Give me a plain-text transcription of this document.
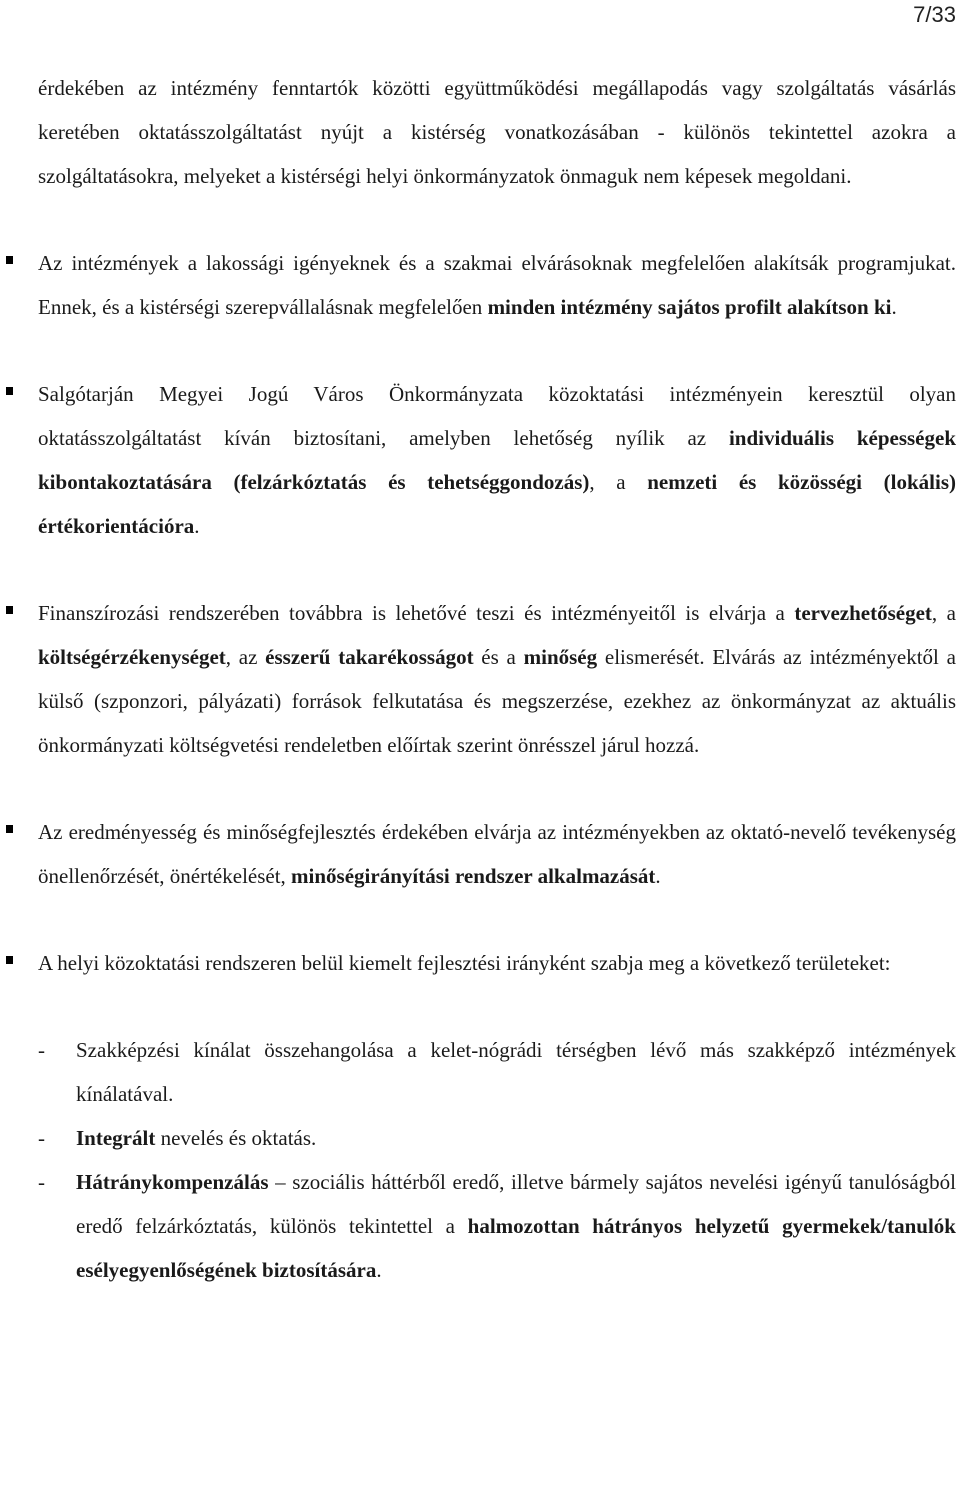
7/33

érdekében az intézmény fenntartók közötti együttműködési megállapodás vagy szolgáltatás vásárlás keretében oktatásszolgáltatást nyújt a kistérség vonatkozásában - különös tekintettel azokra a szolgáltatásokra, melyeket a kistérségi helyi önkormányzatok önmaguk nem képesek megoldani.

Az intézmények a lakossági igényeknek és a szakmai elvárásoknak megfelelően alakítsák programjukat. Ennek, és a kistérségi szerepvállalásnak megfelelően minden intézmény sajátos profilt alakítson ki.

Salgótarján Megyei Jogú Város Önkormányzata közoktatási intézményein keresztül olyan oktatásszolgáltatást kíván biztosítani, amelyben lehetőség nyílik az individuális képességek kibontakoztatására (felzárkóztatás és tehetséggondozás), a nemzeti és közösségi (lokális) értékorientációra.

Finanszírozási rendszerében továbbra is lehetővé teszi és intézményeitől is elvárja a tervezhetőséget, a költségérzékenységet, az ésszerű takarékosságot és a minőség elismerését. Elvárás az intézményektől a külső (szponzori, pályázati) források felkutatása és megszerzése, ezekhez az önkormányzat az aktuális önkormányzati költségvetési rendeletben előírtak szerint önrésszel járul hozzá.

Az eredményesség és minőségfejlesztés érdekében elvárja az intézményekben az oktató-nevelő tevékenység önellenőrzését, önértékelését, minőségirányítási rendszer alkalmazását.

A helyi közoktatási rendszeren belül kiemelt fejlesztési irányként szabja meg a következő területeket:

- Szakképzési kínálat összehangolása a kelet-nógrádi térségben lévő más szakképző intézmények kínálatával.

- Integrált nevelés és oktatás.

- Hátránykompenzálás – szociális háttérből eredő, illetve bármely sajátos nevelési igényű tanulóságból eredő felzárkóztatás, különös tekintettel a halmozottan hátrányos helyzetű gyermekek/tanulók esélyegyenlőségének biztosítására.
